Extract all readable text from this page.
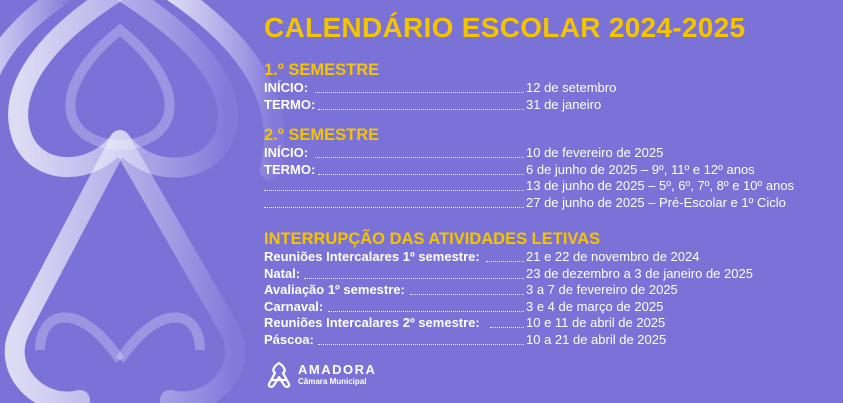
CALENDÁRIO ESCOLAR 2024-2025
1.º SEMESTRE
INÍCIO:	12 de setembro
TERMO:	31 de janeiro
2.º SEMESTRE
INÍCIO:	10 de fevereiro de 2025
TERMO:	6 de junho de 2025 – 9º, 11º e 12º anos
13 de junho de 2025 – 5º, 6º, 7º, 8º e 10º anos
27 de junho de 2025 – Pré-Escolar e 1º Ciclo
INTERRUPÇÃO DAS ATIVIDADES LETIVAS
Reuniões Intercalares 1º semestre:	21 e 22 de novembro de 2024
Natal:	23 de dezembro a 3 de janeiro de 2025
Avaliação 1º semestre:	3 a 7 de fevereiro de 2025
Carnaval:	3 e 4 de março de 2025
Reuniões Intercalares 2º semestre:	10 e 11 de abril de 2025
Páscoa:	10 a 21 de abril de 2025
AMADORA
Câmara Municipal
